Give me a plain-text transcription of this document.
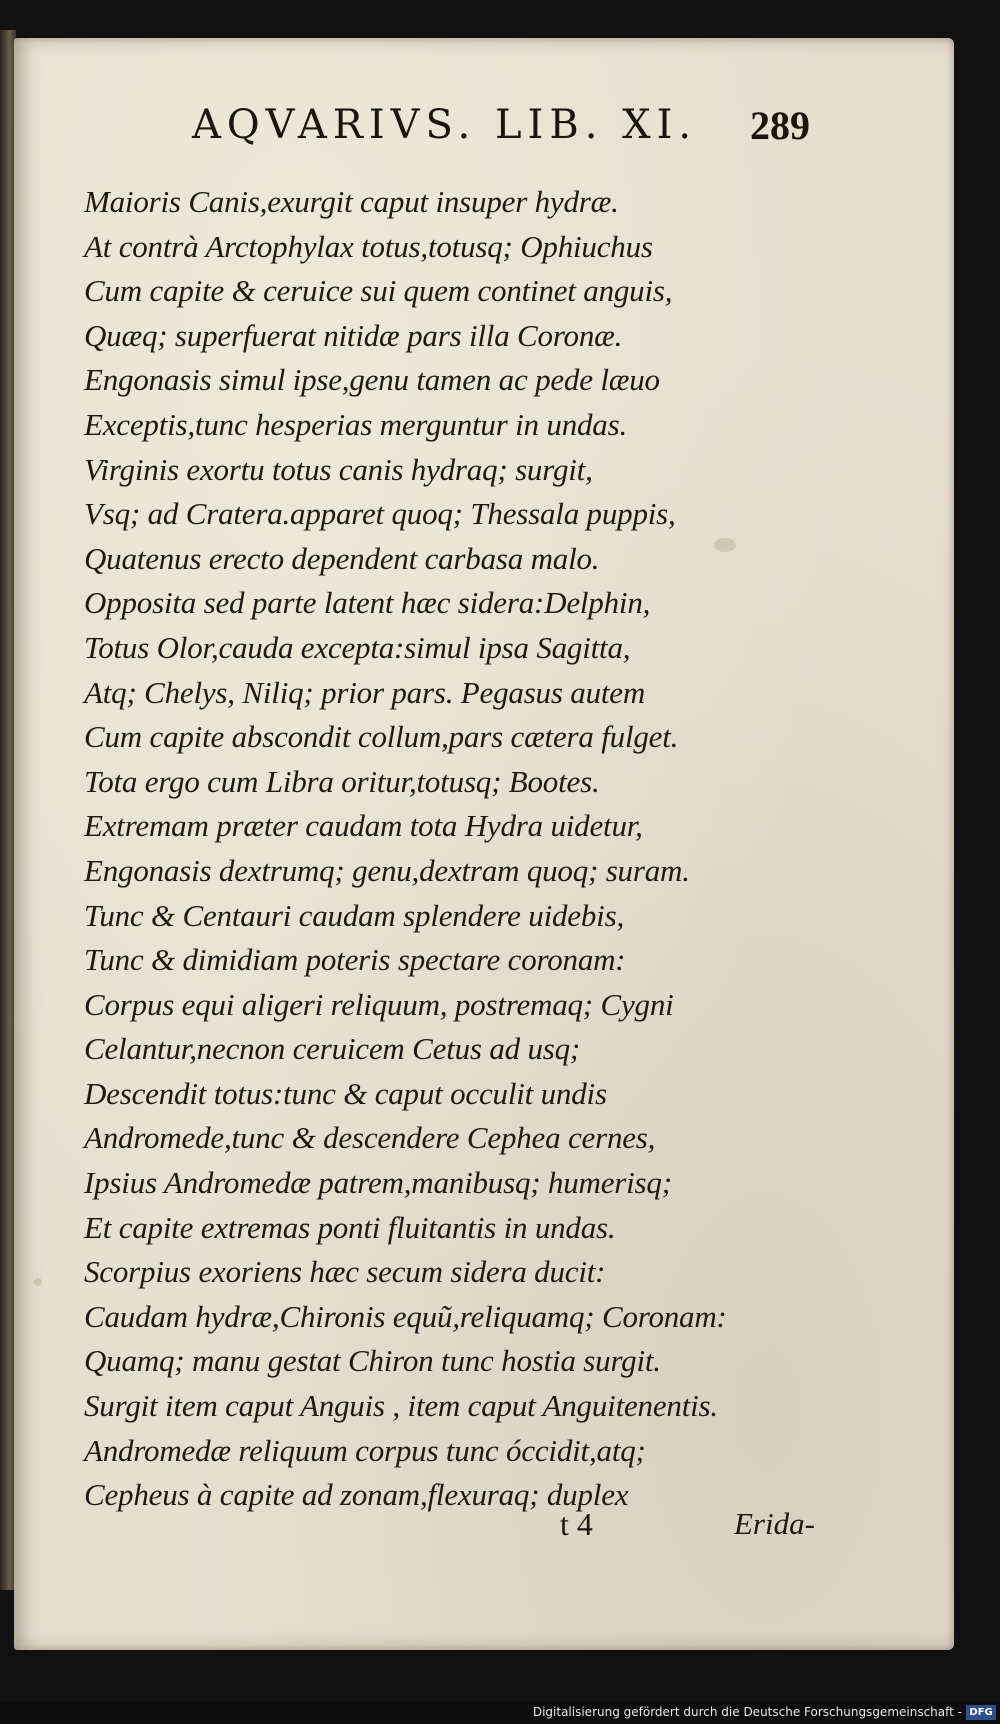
AQVARIVS. LIB. XI. 289
Maioris Canis,exurgit caput insuper hydræ.
At contrà Arctophylax totus,totusq; Ophiuchus
Cum capite & ceruice sui quem continet anguis,
Quæq; superfuerat nitidæ pars illa Coronæ.
Engonasis simul ipse,genu tamen ac pede læuo
Exceptis,tunc hesperias merguntur in undas.
Virginis exortu totus canis hydraq; surgit,
Vsq; ad Cratera.apparet quoq; Thessala puppis,
Quatenus erecto dependent carbasa malo.
Opposita sed parte latent hæc sidera:Delphin,
Totus Olor,cauda excepta:simul ipsa Sagitta,
Atq; Chelys, Niliq; prior pars. Pegasus autem
Cum capite abscondit collum,pars cætera fulget.
Tota ergo cum Libra oritur,totusq; Bootes.
Extremam præter caudam tota Hydra uidetur,
Engonasis dextrumq; genu,dextram quoq; suram.
Tunc & Centauri caudam splendere uidebis,
Tunc & dimidiam poteris spectare coronam:
Corpus equi aligeri reliquum, postremaq; Cygni
Celantur,necnon ceruicem Cetus ad usq;
Descendit totus:tunc & caput occulit undis
Andromede,tunc & descendere Cephea cernes,
Ipsius Andromedæ patrem,manibusq; humerisq;
Et capite extremas ponti fluitantis in undas.
Scorpius exoriens hæc secum sidera ducit:
Caudam hydræ,Chironis equũ,reliquamq; Coronam:
Quamq; manu gestat Chiron tunc hostia surgit.
Surgit item caput Anguis , item caput Anguitenentis.
Andromedæ reliquum corpus tunc óccidit,atq;
Cepheus à capite ad zonam,flexuraq; duplex
t 4	Erida-
Digitalisierung gefördert durch die Deutsche Forschungsgemeinschaft - DFG
